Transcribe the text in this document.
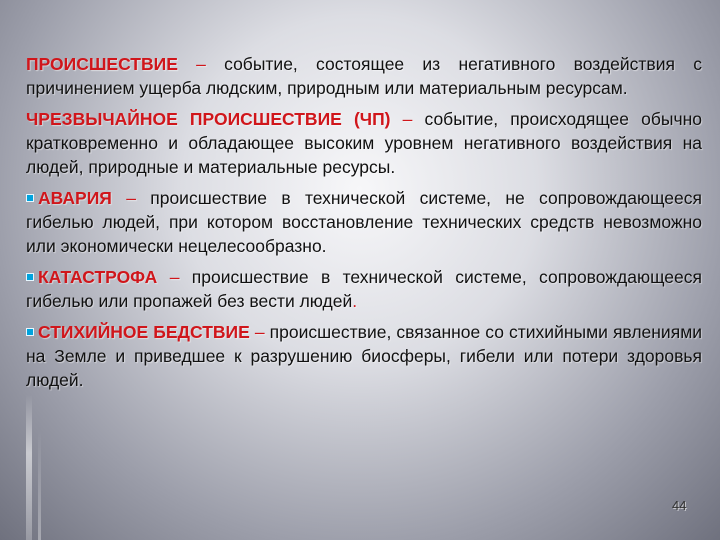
ПРОИСШЕСТВИЕ – событие, состоящее из негативного воздействия с причинением ущерба людским, природным или материальным ресурсам.

ЧРЕЗВЫЧАЙНОЕ ПРОИСШЕСТВИЕ (ЧП) – событие, происходящее обычно кратковременно и обладающее высоким уровнем негативного воздействия на людей, природные и материальные ресурсы.

АВАРИЯ – происшествие в технической системе, не сопровождающееся гибелью людей, при котором восстановление технических средств невозможно или экономически нецелесообразно.

КАТАСТРОФА – происшествие в технической системе, сопровождающееся гибелью или пропажей без вести людей.

СТИХИЙНОЕ БЕДСТВИЕ – происшествие, связанное со стихийными явлениями на Земле и приведшее к разрушению биосферы, гибели или потери здоровья людей.

44
